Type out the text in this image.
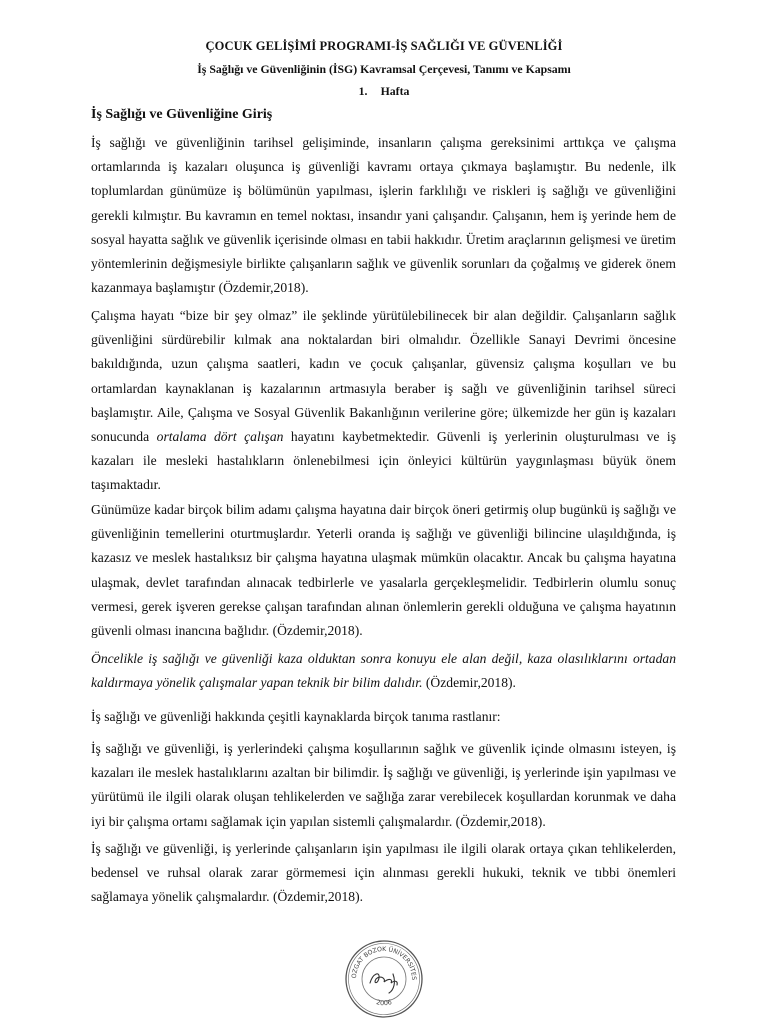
ÇOCUK GELİŞİMİ PROGRAMI-İŞ SAĞLIĞI VE GÜVENLİĞİ
İş Sağlığı ve Güvenliğinin (İSG) Kavramsal Çerçevesi, Tanımı ve Kapsamı
1. Hafta
İş Sağlığı ve Güvenliğine Giriş

İş sağlığı ve güvenliğinin tarihsel gelişiminde, insanların çalışma gereksinimi arttıkça ve çalışma ortamlarında iş kazaları oluşunca iş güvenliği kavramı ortaya çıkmaya başlamıştır. Bu nedenle, ilk toplumlardan günümüze iş bölümünün yapılması, işlerin farklılığı ve riskleri iş sağlığı ve güvenliğini gerekli kılmıştır. Bu kavramın en temel noktası, insandır yani çalışandır. Çalışanın, hem iş yerinde hem de sosyal hayatta sağlık ve güvenlik içerisinde olması en tabii hakkıdır. Üretim araçlarının gelişmesi ve üretim yöntemlerinin değişmesiyle birlikte çalışanların sağlık ve güvenlik sorunları da çoğalmış ve giderek önem kazanmaya başlamıştır (Özdemir,2018).

Çalışma hayatı “bize bir şey olmaz” ile şeklinde yürütülebilinecek bir alan değildir. Çalışanların sağlık güvenliğini sürdürebilir kılmak ana noktalardan biri olmalıdır. Özellikle Sanayi Devrimi öncesine bakıldığında, uzun çalışma saatleri, kadın ve çocuk çalışanlar, güvensiz çalışma koşulları ve bu ortamlardan kaynaklanan iş kazalarının artmasıyla beraber iş sağlı ve güvenliğinin tarihsel süreci başlamıştır. Aile, Çalışma ve Sosyal Güvenlik Bakanlığının verilerine göre; ülkemizde her gün iş kazaları sonucunda ortalama dört çalışan hayatını kaybetmektedir. Güvenli iş yerlerinin oluşturulması ve iş kazaları ile mesleki hastalıkların önlenebilmesi için önleyici kültürün yaygınlaşması büyük önem taşımaktadır.

Günümüze kadar birçok bilim adamı çalışma hayatına dair birçok öneri getirmiş olup bugünkü iş sağlığı ve güvenliğinin temellerini oturtmuşlardır. Yeterli oranda iş sağlığı ve güvenliği bilincine ulaşıldığında, iş kazasız ve meslek hastalıksız bir çalışma hayatına ulaşmak mümkün olacaktır. Ancak bu çalışma hayatına ulaşmak, devlet tarafından alınacak tedbirlerle ve yasalarla gerçekleşmelidir. Tedbirlerin olumlu sonuç vermesi, gerek işveren gerekse çalışan tarafından alınan önlemlerin gerekli olduğuna ve çalışma hayatının güvenli olması inancına bağlıdır. (Özdemir,2018).

Öncelikle iş sağlığı ve güvenliği kaza olduktan sonra konuyu ele alan değil, kaza olasılıklarını ortadan kaldırmaya yönelik çalışmalar yapan teknik bir bilim dalıdır. (Özdemir,2018).

İş sağlığı ve güvenliği hakkında çeşitli kaynaklarda birçok tanıma rastlanır:

İş sağlığı ve güvenliği, iş yerlerindeki çalışma koşullarının sağlık ve güvenlik içinde olmasını isteyen, iş kazaları ile meslek hastalıklarını azaltan bir bilimdir. İş sağlığı ve güvenliği, iş yerlerinde işin yapılması ve yürütümü ile ilgili olarak oluşan tehlikelerden ve sağlığa zarar verebilecek koşullardan korunmak ve daha iyi bir çalışma ortamı sağlamak için yapılan sistemli çalışmalardır. (Özdemir,2018).

İş sağlığı ve güvenliği, iş yerlerinde çalışanların işin yapılması ile ilgili olarak ortaya çıkan tehlikelerden, bedensel ve ruhsal olarak zarar görmemesi için alınması gerekli hukuki, teknik ve tıbbi önemleri sağlamaya yönelik çalışmalardır. (Özdemir,2018).

OZGAT BOZOK ÜNİVERSİTES
2006
